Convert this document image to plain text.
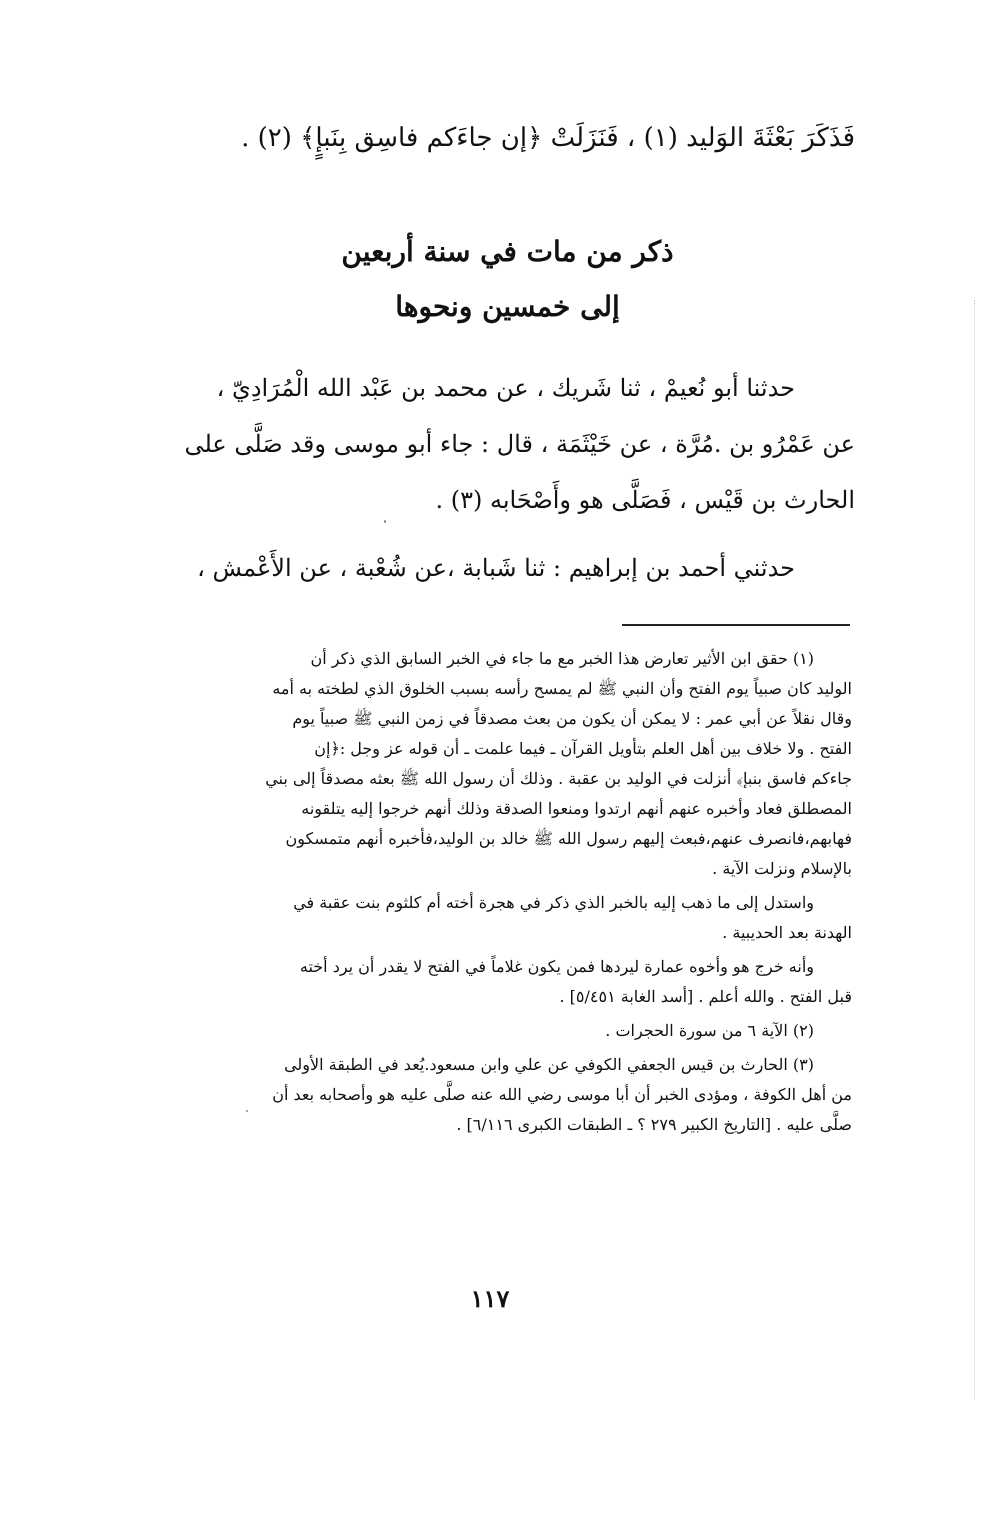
فَذَكَرَ بَعْثَةَ الوَليد (١) ، فَنَزَلَتْ ﴿إن جاءَكم فاسِق بِنَبإٍ﴾ (٢) .
ذكر من مات في سنة أربعين
إلى خمسين ونحوها
حدثنا أبو نُعيمْ ، ثنا شَريك ، عن محمد بن عَبْد الله الْمُرَادِيّ ،
عن عَمْرُو بن .مُرَّة ، عن خَيْثَمَة ، قال : جاء أبو موسى وقد صَلَّى على
الحارث بن قَيْس ، فَصَلَّى هو وأَصْحَابه (٣) .
حدثني أحمد بن إبراهيم : ثنا شَبابة ،عن شُعْبة ، عن الأَعْمش ،
(١) حقق ابن الأثير تعارض هذا الخبر مع ما جاء في الخبر السابق الذي ذكر أن
الوليد كان صبياً يوم الفتح وأن النبي ﷺ لم يمسح رأسه بسبب الخلوق الذي لطخته به أمه
وقال نقلاً عن أبي عمر : لا يمكن أن يكون من بعث مصدقاً في زمن النبي ﷺ صبياً يوم
الفتح . ولا خلاف بين أهل العلم بتأويل القرآن ـ فيما علمت ـ أن قوله عز وجل :﴿إن
جاءكم فاسق بنبإ﴾ أنزلت في الوليد بن عقبة . وذلك أن رسول الله ﷺ بعثه مصدقاً إلى بني
المصطلق فعاد وأخبره عنهم أنهم ارتدوا ومنعوا الصدقة وذلك أنهم خرجوا إليه يتلقونه
فهابهم،فانصرف عنهم،فبعث إليهم رسول الله ﷺ خالد بن الوليد،فأخبره أنهم متمسكون
بالإسلام ونزلت الآية .
واستدل إلى ما ذهب إليه بالخبر الذي ذكر في هجرة أخته أم كلثوم بنت عقبة في
الهدنة بعد الحديبية .
وأنه خرج هو وأخوه عمارة ليردها فمن يكون غلاماً في الفتح لا يقدر أن يرد أخته
قبل الفتح . والله أعلم . [أسد الغابة ٥/٤٥١] .
(٢) الآية ٦ من سورة الحجرات .
(٣) الحارث بن قيس الجعفي الكوفي عن علي وابن مسعود.يُعد في الطبقة الأولى
من أهل الكوفة ، ومؤدى الخبر أن أبا موسى رضي الله عنه صلَّى عليه هو وأصحابه بعد أن
صلَّى عليه . [التاريخ الكبير ٢٧٩ ؟ ـ الطبقات الكبرى ٦/١١٦] .
١١٧
